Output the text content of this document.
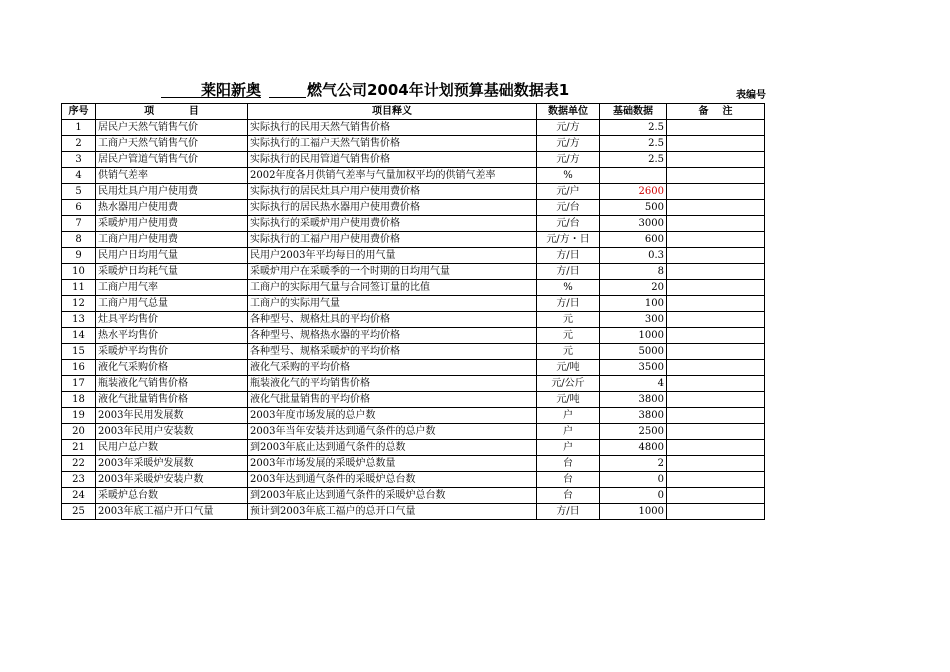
莱阳新奥	燃气公司2004年计划预算基础数据表1	表编号
序号	项          目	项目释义	数据单位	基础数据	备    注
1	居民户天然气销售气价	实际执行的民用天然气销售价格	元/方	2.5	
2	工商户天然气销售气价	实际执行的工福户天然气销售价格	元/方	2.5	
3	居民户管道气销售气价	实际执行的民用管道气销售价格	元/方	2.5	
4	供销气差率	2002年度各月供销气差率与气量加权平均的供销气差率	%		
5	民用灶具户用户使用费	实际执行的居民灶具户用户使用费价格	元/户	2600	
6	热水器用户使用费	实际执行的居民热水器用户使用费价格	元/台	500	
7	采暖炉用户使用费	实际执行的采暖炉用户使用费价格	元/台	3000	
8	工商户用户使用费	实际执行的工福户用户使用费价格	元/方・日	600	
9	民用户日均用气量	民用户2003年平均每日的用气量	方/日	0.3	
10	采暖炉日均耗气量	采暖炉用户在采暖季的一个时期的日均用气量	方/日	8	
11	工商户用气率	工商户的实际用气量与合同签订量的比值	%	20	
12	工商户用气总量	工商户的实际用气量	方/日	100	
13	灶具平均售价	各种型号、规格灶具的平均价格	元	300	
14	热水平均售价	各种型号、规格热水器的平均价格	元	1000	
15	采暖炉平均售价	各种型号、规格采暖炉的平均价格	元	5000	
16	液化气采购价格	液化气采购的平均价格	元/吨	3500	
17	瓶装液化气销售价格	瓶装液化气的平均销售价格	元/公斤	4	
18	液化气批量销售价格	液化气批量销售的平均价格	元/吨	3800	
19	2003年民用发展数	2003年度市场发展的总户数	户	3800	
20	2003年民用户安装数	2003年当年安装并达到通气条件的总户数	户	2500	
21	民用户总户数	到2003年底止达到通气条件的总数	户	4800	
22	2003年采暖炉发展数	2003年市场发展的采暖炉总数量	台	2	
23	2003年采暖炉安装户数	2003年达到通气条件的采暖炉总台数	台	0	
24	采暖炉总台数	到2003年底止达到通气条件的采暖炉总台数	台	0	
25	2003年底工福户开口气量	预计到2003年底工福户的总开口气量	方/日	1000	
